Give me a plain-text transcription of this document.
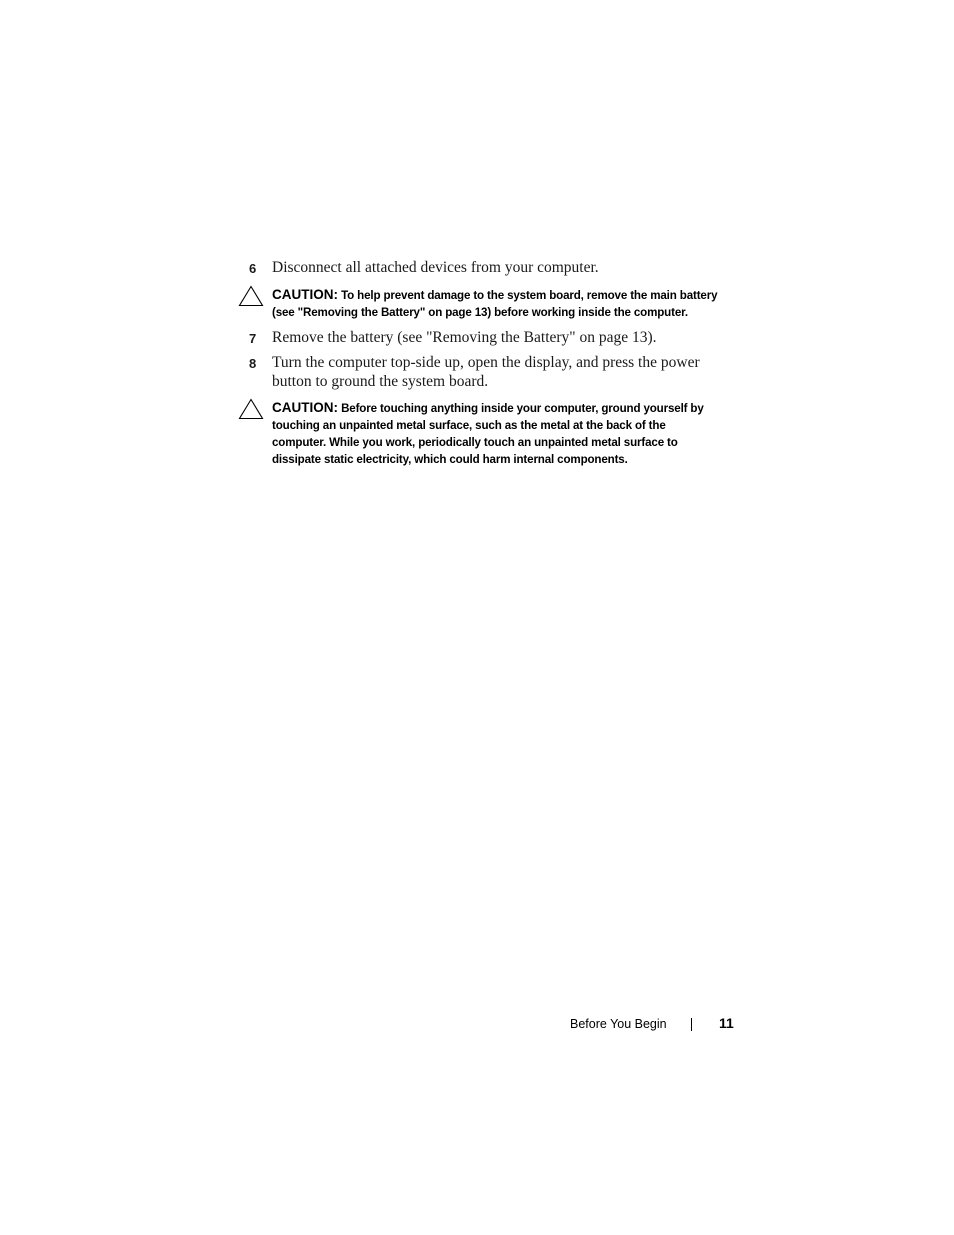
6 Disconnect all attached devices from your computer.
CAUTION: To help prevent damage to the system board, remove the main battery (see "Removing the Battery" on page 13) before working inside the computer.
7 Remove the battery (see "Removing the Battery" on page 13).
8 Turn the computer top-side up, open the display, and press the power button to ground the system board.
CAUTION: Before touching anything inside your computer, ground yourself by touching an unpainted metal surface, such as the metal at the back of the computer. While you work, periodically touch an unpainted metal surface to dissipate static electricity, which could harm internal components.
Before You Begin	11
